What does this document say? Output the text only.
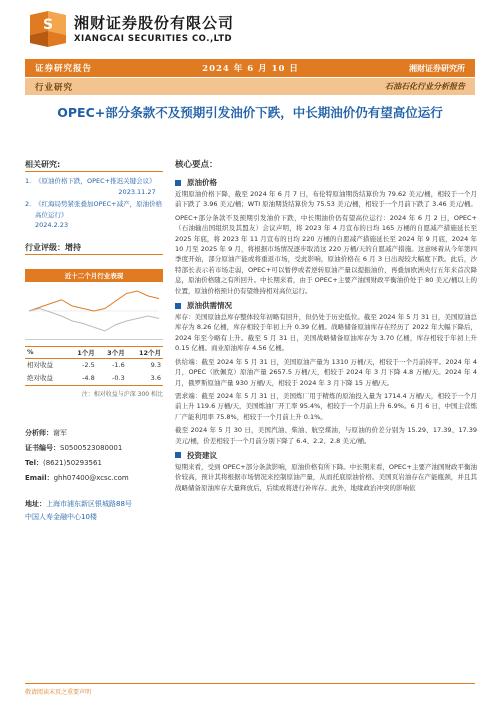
S 湘财证券股份有限公司
XIANGCAI SECURITIES CO.,LTD
证券研究报告	2024 年 6 月 10 日	湘财证券研究所
行业研究	石油石化行业分析报告
OPEC+部分条款不及预期引发油价下跌，中长期油价仍有望高位运行
相关研究:
1. 《原油价格下跌，OPEC+推迟关键会议》
2023.11.27
2. 《红海局势紧张叠加OPEC+减产，原油价格高位运行》
2024.2.23
行业评级： 增持
近十二个月行业表现
%	1个月	3个月	12个月
相对收益	-2.5	-1.6	9.3
绝对收益	-4.8	-0.3	3.6
注：相对收益与沪深 300 相比
分析师：谢军
证书编号：S0500523080001
Tel：(8621)50293561
Email：ghh07400@xcsc.com
地址：上海市浦东新区银城路88号
中国人寿金融中心10楼
核心要点：
原油价格

近期原油价格下降，截至 2024 年 6 月 7 日，布伦特原油期货结算价为 79.62 美元/桶，相较于一个月前下跌了 3.96 美元/桶；WTI 原油期货结算价为 75.53 美元/桶，相较于一个月前下跌了 3.46 美元/桶。

OPEC+部分条款不及预期引发油价下跌，中长期油价仍有望高位运行：2024 年 6 月 2 日，OPEC+（石油输出国组织及其盟友）会议声明，将 2023 年 4 月宣布的日均 165 万桶的自愿减产措施延长至 2025 年底，将 2023 年 11 月宣布的日均 220 万桶的自愿减产措施延长至 2024 年 9 月底，2024 年 10 月至 2025 年 9 月，将根据市场情况逐步取消这 220 万桶/天的自愿减产措施。这意味着从今年第四季度开始，部分原油产能或将重返市场，受此影响，原油价格在 6 月 3 日出现较大幅度下跌。此后，沙特部长表示若市场走弱，OPEC+可以暂停或者逆转原油产量以提振油价，再叠加欧洲央行五年来首次降息，原油价格随之有所回升。中长期来看，由于 OPEC+主要产油国财政平衡油价处于 80 美元/桶以上的位置，原油价格预计仍有望维持相对高位运行。

原油供需情况

库存：美国原油总库存整体较年初略有回升，但仍处于历史低位。截至 2024 年 5 月 31 日，美国原油总库存为 8.26 亿桶，库存相较于年初上升 0.39 亿桶。战略储备原油库存在经历了 2022 年大幅下降后，2024 年至今略有上升。截至 5 月 31 日，美国战略储备原油库存为 3.70 亿桶，库存相较于年初上升 0.15 亿桶。商业原油库存 4.56 亿桶。

供给端：截至 2024 年 5 月 31 日，美国原油产量为 1310 万桶/天，相较于一个月前持平。2024 年 4 月，OPEC（欧佩克）原油产量 2657.5 万桶/天，相较于 2024 年 3 月下降 4.8 万桶/天。2024 年 4 月，俄罗斯原油产量 930 万桶/天，相较于 2024 年 3 月下降 15 万桶/天。

需求端：截至 2024 年 5 月 31 日，美国炼厂用于精炼的原油投入量为 1714.4 万桶/天，相较于一个月前上升 119.6 万桶/天，美国炼油厂开工率 95.4%，相较于一个月前上升 6.9%。6 月 6 日，中国主营炼厂产能利用率 75.8%，相较于一个月前上升 0.1%。

截至 2024 年 5 月 30 日，美国汽油、柴油、航空煤油，与原油的价差分别为 15.29、17.39、17.39 美元/桶，价差相较于一个月前分别下降了 6.4、2.2、2.8 美元/桶。

投资建议

短期来看，受到 OPEC+部分条款影响，原油价格有所下降。中长期来看，OPEC+主要产油国财政平衡油价较高，预计其将根据市场情况来控制原油产量，从而托底原油价格。美国页岩油存在产能瓶颈，并且其战略储备原油库存大量释放后，后续或将进行补库存。此外，地缘政治冲突的影响依

敬请阅读末页之重要声明
